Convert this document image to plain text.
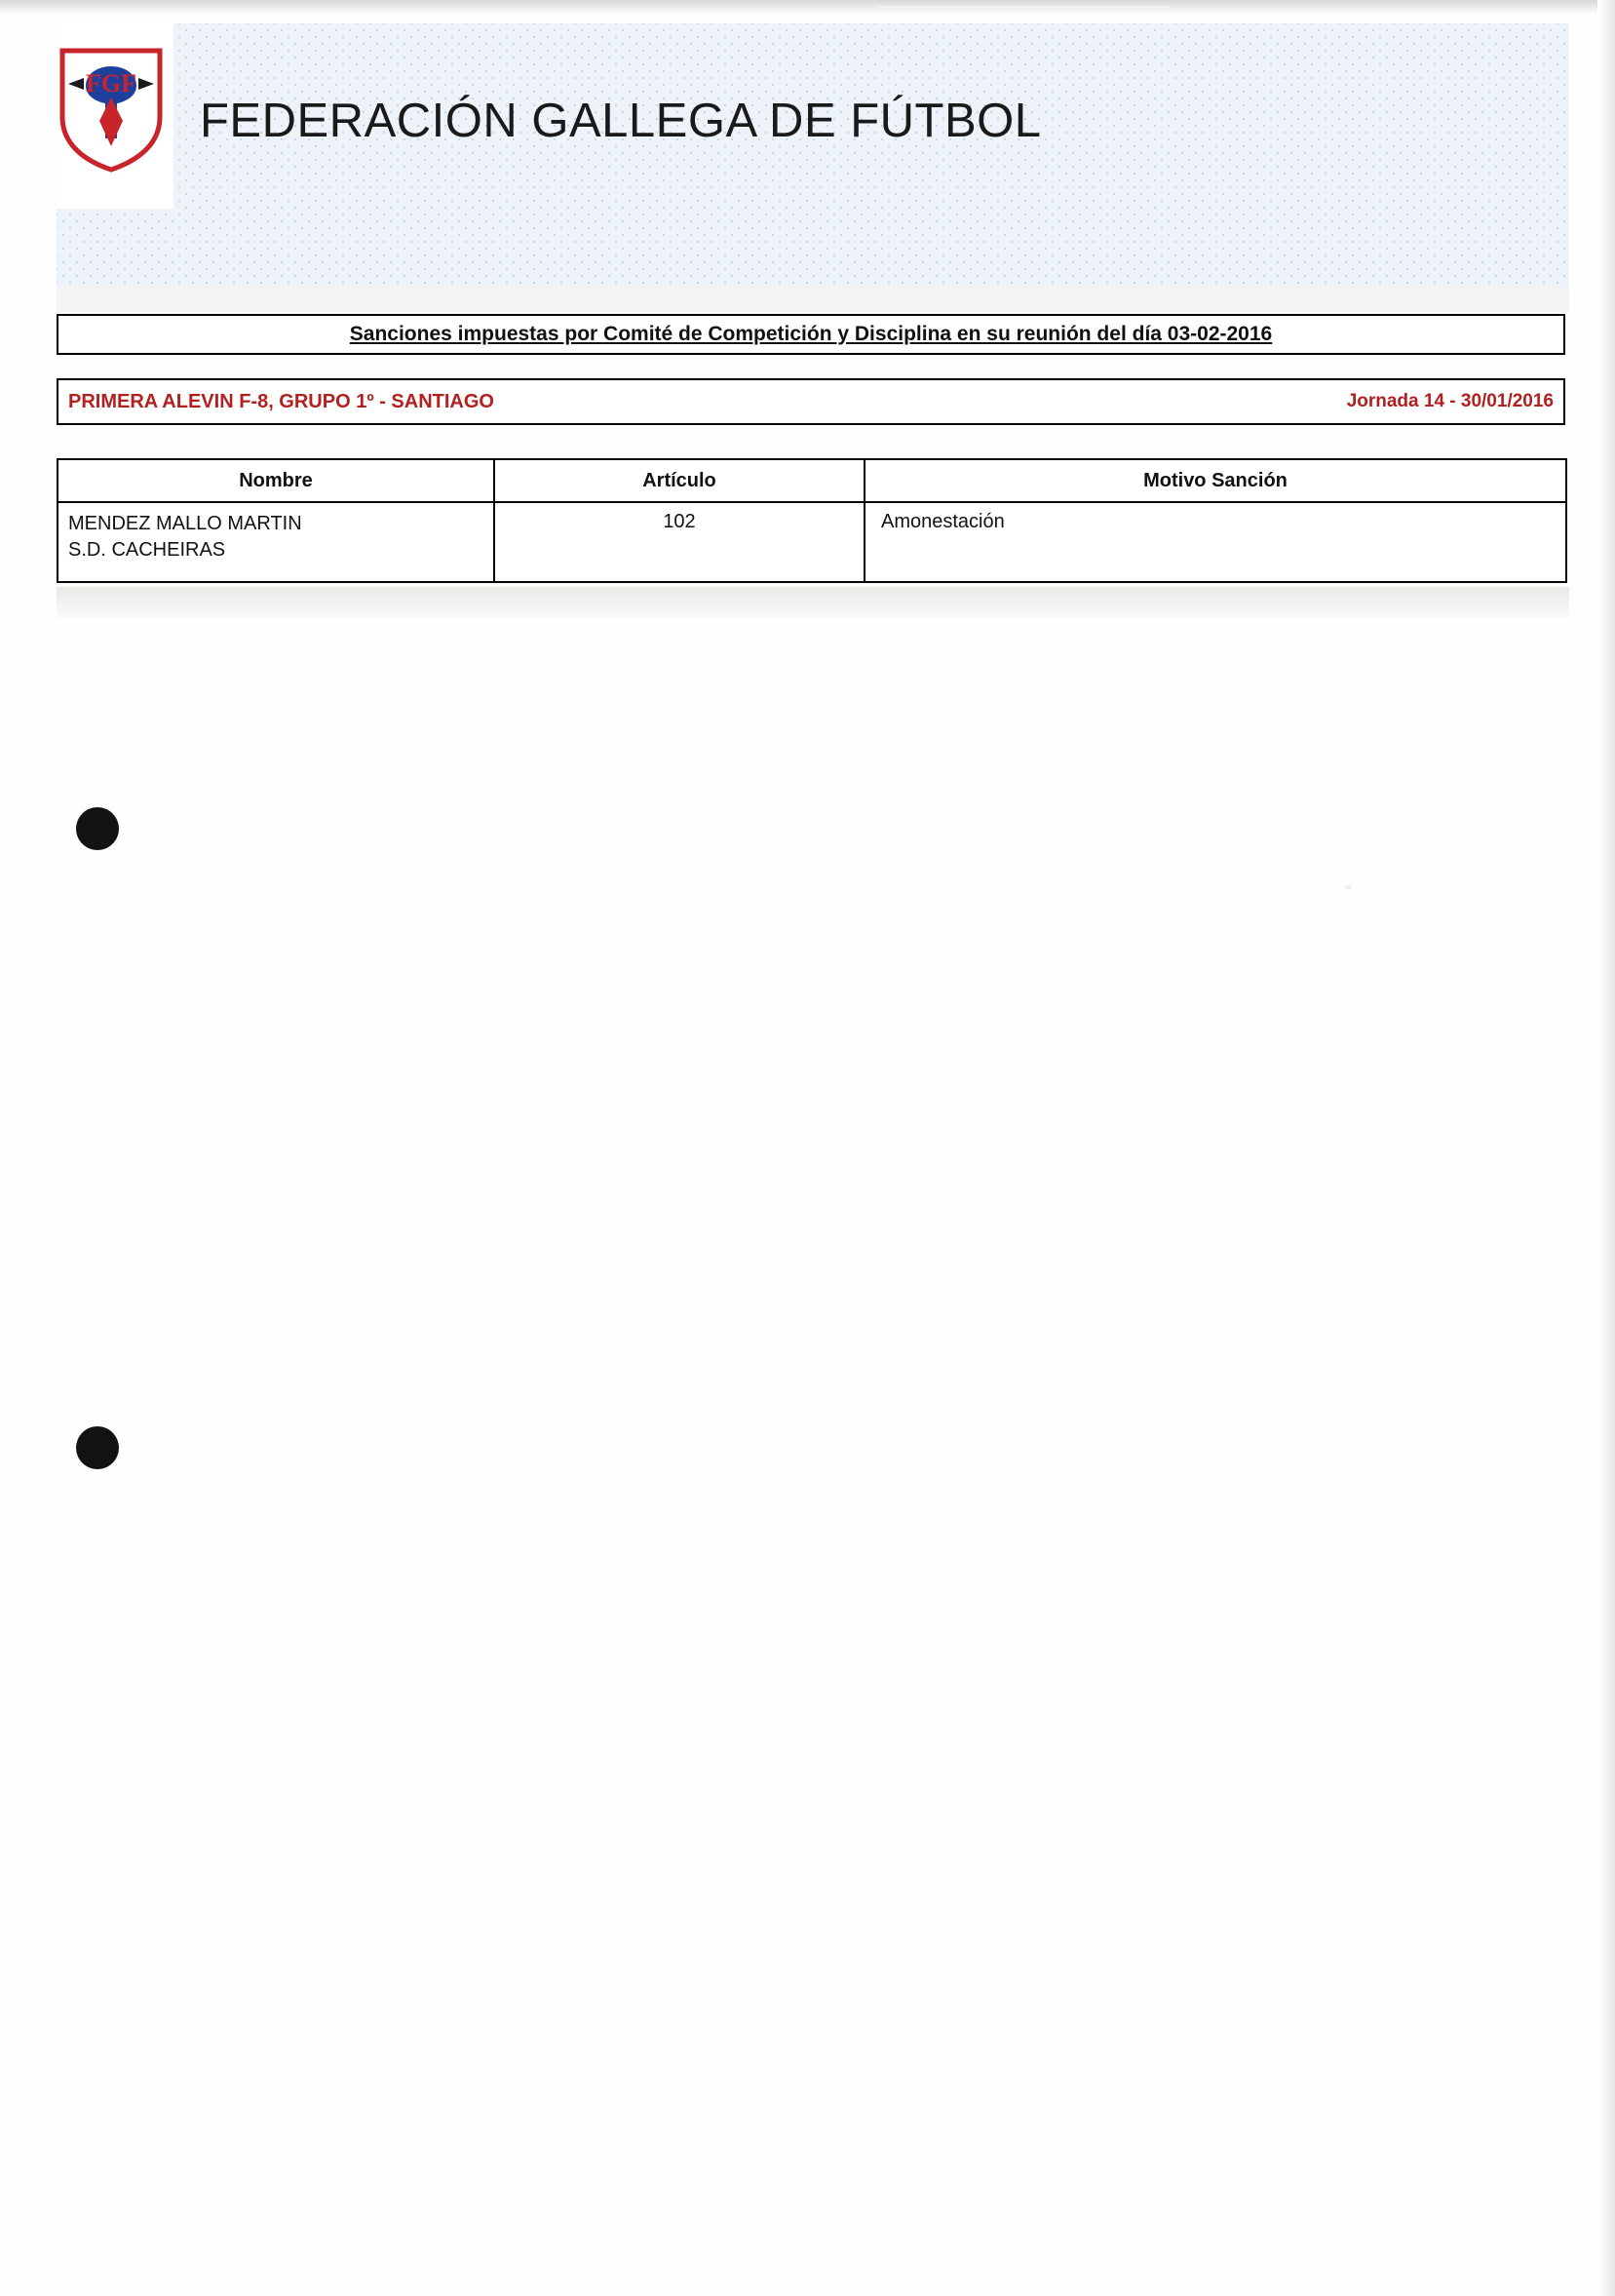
FGF
FEDERACIÓN GALLEGA DE FÚTBOL
Sanciones impuestas por Comité de Competición y Disciplina en su reunión del día 03-02-2016
PRIMERA ALEVIN F-8, GRUPO 1º - SANTIAGO	Jornada 14 - 30/01/2016
Nombre	Artículo	Motivo Sanción

MENDEZ MALLO MARTIN
S.D. CACHEIRAS	102	Amonestación
